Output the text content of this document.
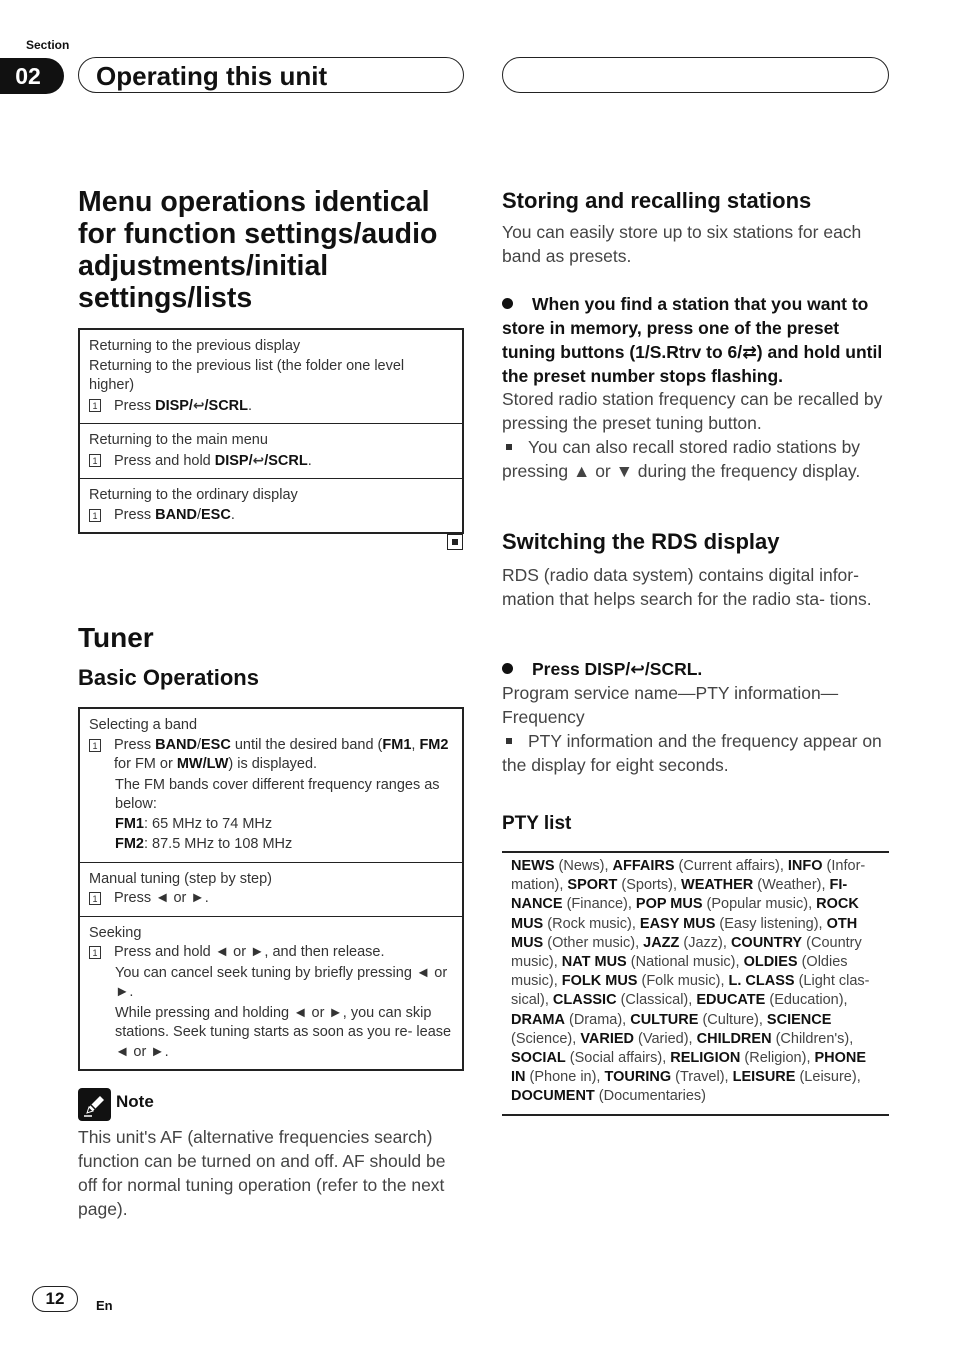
Section
02	Operating this unit
Menu operations identical for function settings/audio adjustments/initial settings/lists
Returning to the previous display
Returning to the previous list (the folder one level higher)
1 Press DISP/↩/SCRL.
Returning to the main menu
1 Press and hold DISP/↩/SCRL.
Returning to the ordinary display
1 Press BAND/ESC.
Tuner
Basic Operations
Selecting a band
1 Press BAND/ESC until the desired band (FM1, FM2 for FM or MW/LW) is displayed.
The FM bands cover different frequency ranges as below:
FM1: 65 MHz to 74 MHz
FM2: 87.5 MHz to 108 MHz
Manual tuning (step by step)
1 Press ◄ or ►.
Seeking
1 Press and hold ◄ or ►, and then release.
You can cancel seek tuning by briefly pressing ◄ or ►.
While pressing and holding ◄ or ►, you can skip stations. Seek tuning starts as soon as you re- lease ◄ or ►.
Note
This unit's AF (alternative frequencies search) function can be turned on and off. AF should be off for normal tuning operation (refer to the next page).
Storing and recalling stations
You can easily store up to six stations for each band as presets.
When you find a station that you want to store in memory, press one of the preset tuning buttons (1/S.Rtrv to 6/⇄) and hold until the preset number stops flashing.
Stored radio station frequency can be recalled by pressing the preset tuning button.
You can also recall stored radio stations by pressing ▲ or ▼ during the frequency display.
Switching the RDS display
RDS (radio data system) contains digital infor- mation that helps search for the radio sta- tions.
Press DISP/↩/SCRL.
Program service name—PTY information—Frequency
PTY information and the frequency appear on the display for eight seconds.
PTY list
NEWS (News), AFFAIRS (Current affairs), INFO (Infor- mation), SPORT (Sports), WEATHER (Weather), FI- NANCE (Finance), POP MUS (Popular music), ROCK MUS (Rock music), EASY MUS (Easy listening), OTH MUS (Other music), JAZZ (Jazz), COUNTRY (Country music), NAT MUS (National music), OLDIES (Oldies music), FOLK MUS (Folk music), L. CLASS (Light clas- sical), CLASSIC (Classical), EDUCATE (Education), DRAMA (Drama), CULTURE (Culture), SCIENCE (Science), VARIED (Varied), CHILDREN (Children's), SOCIAL (Social affairs), RELIGION (Religion), PHONE IN (Phone in), TOURING (Travel), LEISURE (Leisure), DOCUMENT (Documentaries)
12	En
